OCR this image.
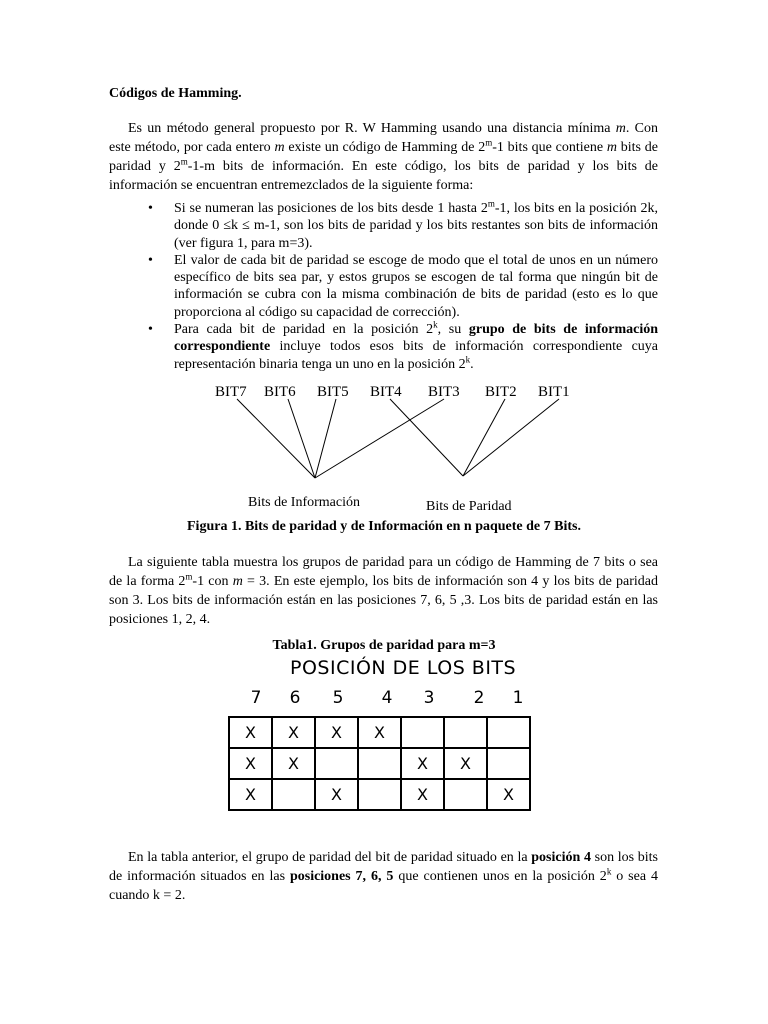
Códigos de Hamming.

Es un método general propuesto por R. W Hamming usando una distancia mínima m. Con este método, por cada entero m existe un código de Hamming de 2$^m$-1 bits que contiene m bits de paridad y 2$^m$-1-m bits de información. En este código, los bits de paridad y los bits de información se encuentran entremezclados de la siguiente forma:

• Si se numeran las posiciones de los bits desde 1 hasta 2$^m$-1, los bits en la posición 2k, donde 0 ≤k ≤ m-1, son los bits de paridad y los bits restantes son bits de información (ver figura 1, para m=3).
• El valor de cada bit de paridad se escoge de modo que el total de unos en un número específico de bits sea par, y estos grupos se escogen de tal forma que ningún bit de información se cubra con la misma combinación de bits de paridad (esto es lo que proporciona al código su capacidad de corrección).
• Para cada bit de paridad en la posición 2$^k$, su grupo de bits de información correspondiente incluye todos esos bits de información correspondiente cuya representación binaria tenga un uno en la posición 2$^k$.
BIT7 BIT6 BIT5 BIT4 BIT3 BIT2 BIT1
Bits de Información	Bits de Paridad
Figura 1. Bits de paridad y de Información en n paquete de 7 Bits.

La siguiente tabla muestra los grupos de paridad para un código de Hamming de 7 bits o sea de la forma 2$^m$-1 con m = 3. En este ejemplo, los bits de información son 4 y los bits de paridad son 3. Los bits de información están en las posiciones 7, 6, 5 ,3. Los bits de paridad están en las posiciones 1, 2, 4.

Tabla1. Grupos de paridad para m=3
POSICIÓN DE LOS BITS
7 6 5 4 3 2 1
X	X	X	X			
X	X			X	X	
X		X		X		X

En la tabla anterior, el grupo de paridad del bit de paridad situado en la posición 4 son los bits de información situados en las posiciones 7, 6, 5 que contienen unos en la posición 2$^k$ o sea 4 cuando k = 2.
